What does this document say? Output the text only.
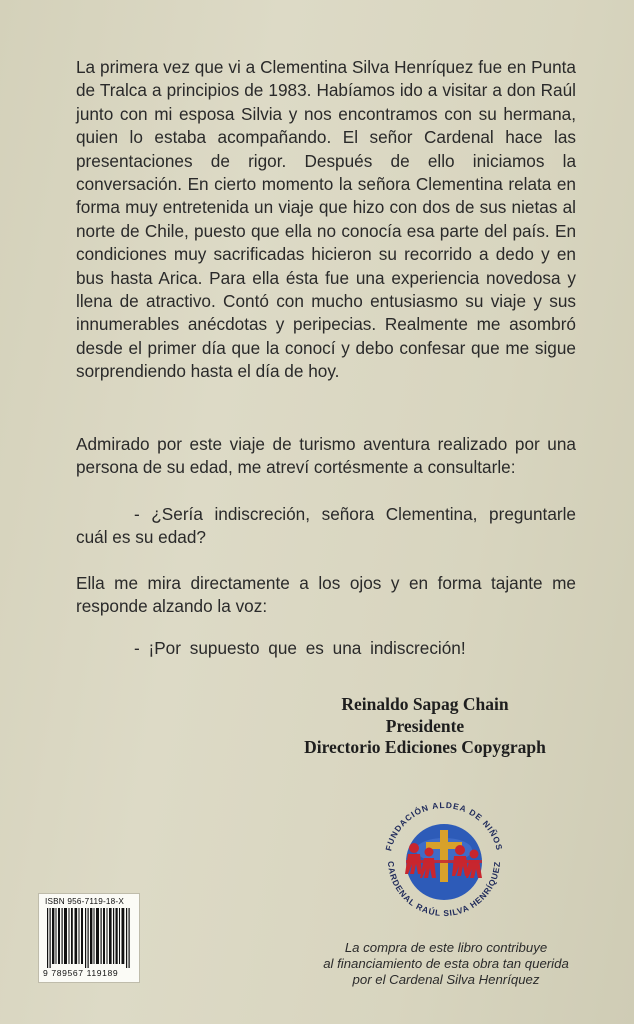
La primera vez que vi a Clementina Silva Henríquez fue en Punta de Tralca a principios de 1983. Habíamos ido a visitar a don Raúl junto con mi esposa Silvia y nos encontramos con su hermana, quien lo estaba acompañando. El señor Cardenal hace las presentaciones de rigor. Después de ello iniciamos la conversación. En cierto momento la señora Clementina relata en forma muy entretenida un viaje que hizo con dos de sus nietas al norte de Chile, puesto que ella no conocía esa parte del país. En condiciones muy sacrificadas hicieron su recorrido a dedo y en bus hasta Arica. Para ella ésta fue una experiencia novedosa y llena de atractivo. Contó con mucho entusiasmo su viaje y sus innumerables anécdotas y peripecias. Realmente me asombró desde el primer día que la conocí y debo confesar que me sigue sorprendiendo hasta el día de hoy.

Admirado por este viaje de turismo aventura realizado por una persona de su edad, me atreví cortésmente a consultarle:

- ¿Sería indiscreción, señora Clementina, preguntarle cuál es su edad?

Ella me mira directamente a los ojos y en forma tajante me responde alzando la voz:

- ¡Por supuesto que es una indiscreción!

Reinaldo Sapag Chain
Presidente
Directorio Ediciones Copygraph
FUNDACIÓN ALDEA DE NIÑOS
CARDENAL RAÚL SILVA HENRÍQUEZ
ISBN 956-7119-18-X
9 789567 119189
La compra de este libro contribuye
al financiamiento de esta obra tan querida
por el Cardenal Silva Henríquez
